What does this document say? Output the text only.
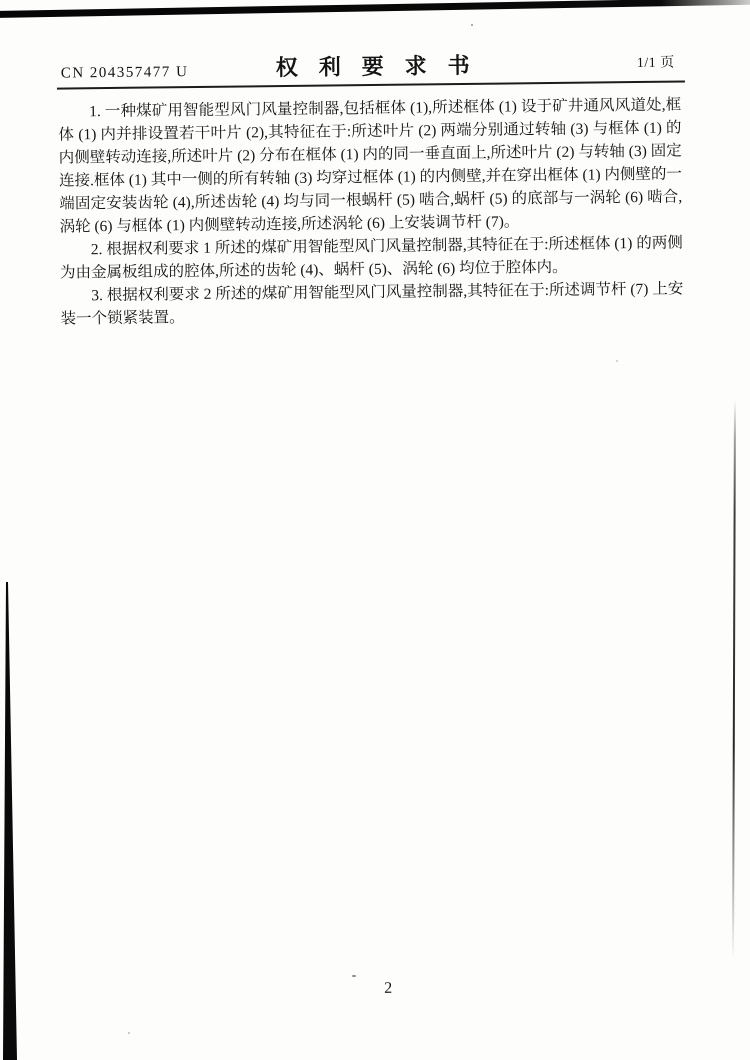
CN 204357477 U	权利要求书	1/1 页

1. 一种煤矿用智能型风门风量控制器,包括框体 (1),所述框体 (1) 设于矿井通风风道处,框体 (1) 内并排设置若干叶片 (2),其特征在于:所述叶片 (2) 两端分别通过转轴 (3) 与框体 (1) 的内侧壁转动连接,所述叶片 (2) 分布在框体 (1) 内的同一垂直面上,所述叶片 (2) 与转轴 (3) 固定连接.框体 (1) 其中一侧的所有转轴 (3) 均穿过框体 (1) 的内侧壁,并在穿出框体 (1) 内侧壁的一端固定安装齿轮 (4),所述齿轮 (4) 均与同一根蜗杆 (5) 啮合,蜗杆 (5) 的底部与一涡轮 (6) 啮合,涡轮 (6) 与框体 (1) 内侧壁转动连接,所述涡轮 (6) 上安装调节杆 (7)。

2. 根据权利要求 1 所述的煤矿用智能型风门风量控制器,其特征在于:所述框体 (1) 的两侧为由金属板组成的腔体,所述的齿轮 (4)、蜗杆 (5)、涡轮 (6) 均位于腔体内。

3. 根据权利要求 2 所述的煤矿用智能型风门风量控制器,其特征在于:所述调节杆 (7) 上安装一个锁紧装置。

2
